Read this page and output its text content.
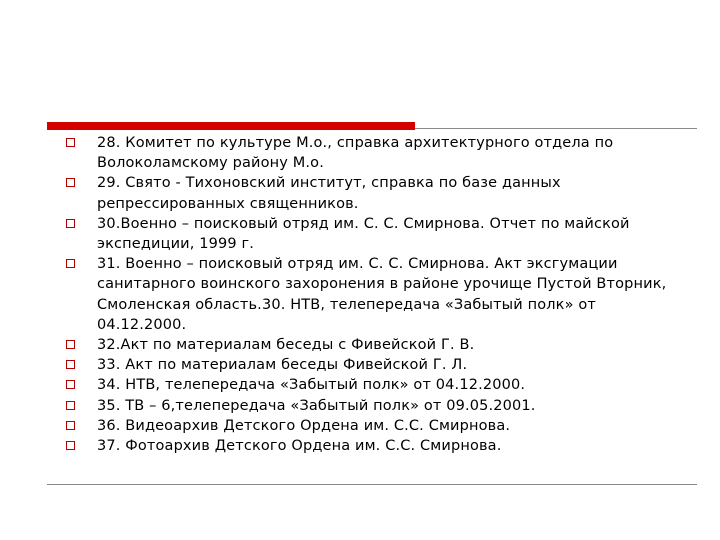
28. Комитет по культуре М.о., справка архитектурного отдела по Волоколамскому району М.о.
29. Свято - Тихоновский институт, справка по базе данных репрессированных священников.
30.Военно – поисковый отряд им. С. С. Смирнова. Отчет по майской экспедиции, 1999 г.
31. Военно – поисковый отряд им. С. С. Смирнова. Акт эксгумации санитарного воинского захоронения в районе урочище Пустой Вторник, Смоленская область.30. НТВ, телепередача «Забытый полк» от 04.12.2000.
32.Акт по материалам беседы с Фивейской Г. В.
33. Акт по материалам беседы Фивейской Г. Л.
34. НТВ, телепередача «Забытый полк» от 04.12.2000.
35. ТВ – 6,телепередача «Забытый полк» от 09.05.2001.
36. Видеоархив Детского Ордена им. С.С. Смирнова.
37. Фотоархив Детского Ордена им. С.С. Смирнова.
